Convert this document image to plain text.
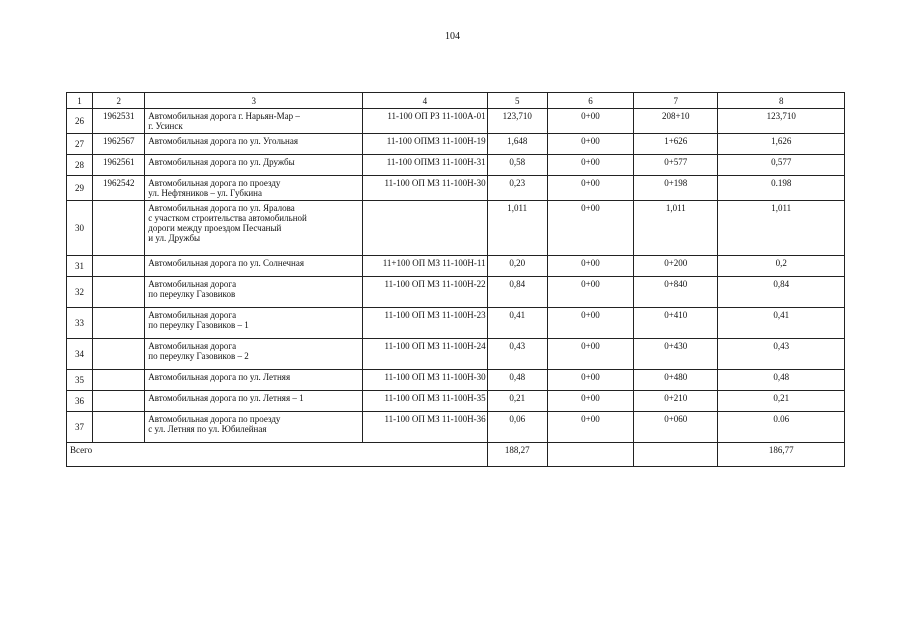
104
1	2	3	4	5	6	7	8
26	1962531	Автомобильная дорога г. Нарьян-Мар –
г. Усинск	11-100 ОП РЗ 11-100А-01	123,710	0+00	208+10	123,710
27	1962567	Автомобильная дорога по ул. Угольная	11-100 ОПМЗ 11-100Н-19	1,648	0+00	1+626	1,626
28	1962561	Автомобильная дорога по ул. Дружбы	11-100 ОПМЗ 11-100Н-31	0,58	0+00	0+577	0,577
29	1962542	Автомобильная дорога по проезду
ул. Нефтяников – ул. Губкина	11-100 ОП МЗ 11-100Н-30	0,23	0+00	0+198	0.198
30		Автомобильная дорога по ул. Яралова
с участком строительства автомобильной
дороги между проездом Песчаный
и ул. Дружбы		1,011	0+00	1,011	1,011
31		Автомобильная дорога по ул. Солнечная	11+100 ОП МЗ 11-100Н-11	0,20	0+00	0+200	0,2
32		Автомобильная дорога
по переулку Газовиков	11-100 ОП МЗ 11-100Н-22	0,84	0+00	0+840	0,84
33		Автомобильная дорога
по переулку Газовиков – 1	11-100 ОП МЗ 11-100Н-23	0,41	0+00	0+410	0,41
34		Автомобильная дорога
по переулку Газовиков – 2	11-100 ОП МЗ 11-100Н-24	0,43	0+00	0+430	0,43
35		Автомобильная дорога по ул. Летняя	11-100 ОП МЗ 11-100Н-30	0,48	0+00	0+480	0,48
36		Автомобильная дорога по ул. Летняя – 1	11-100 ОП МЗ 11-100Н-35	0,21	0+00	0+210	0,21
37		Автомобильная дорога по проезду
с ул. Летняя по ул. Юбилейная	11-100 ОП МЗ 11-100Н-36	0,06	0+00	0+060	0.06
Всего				188,27			186,77
